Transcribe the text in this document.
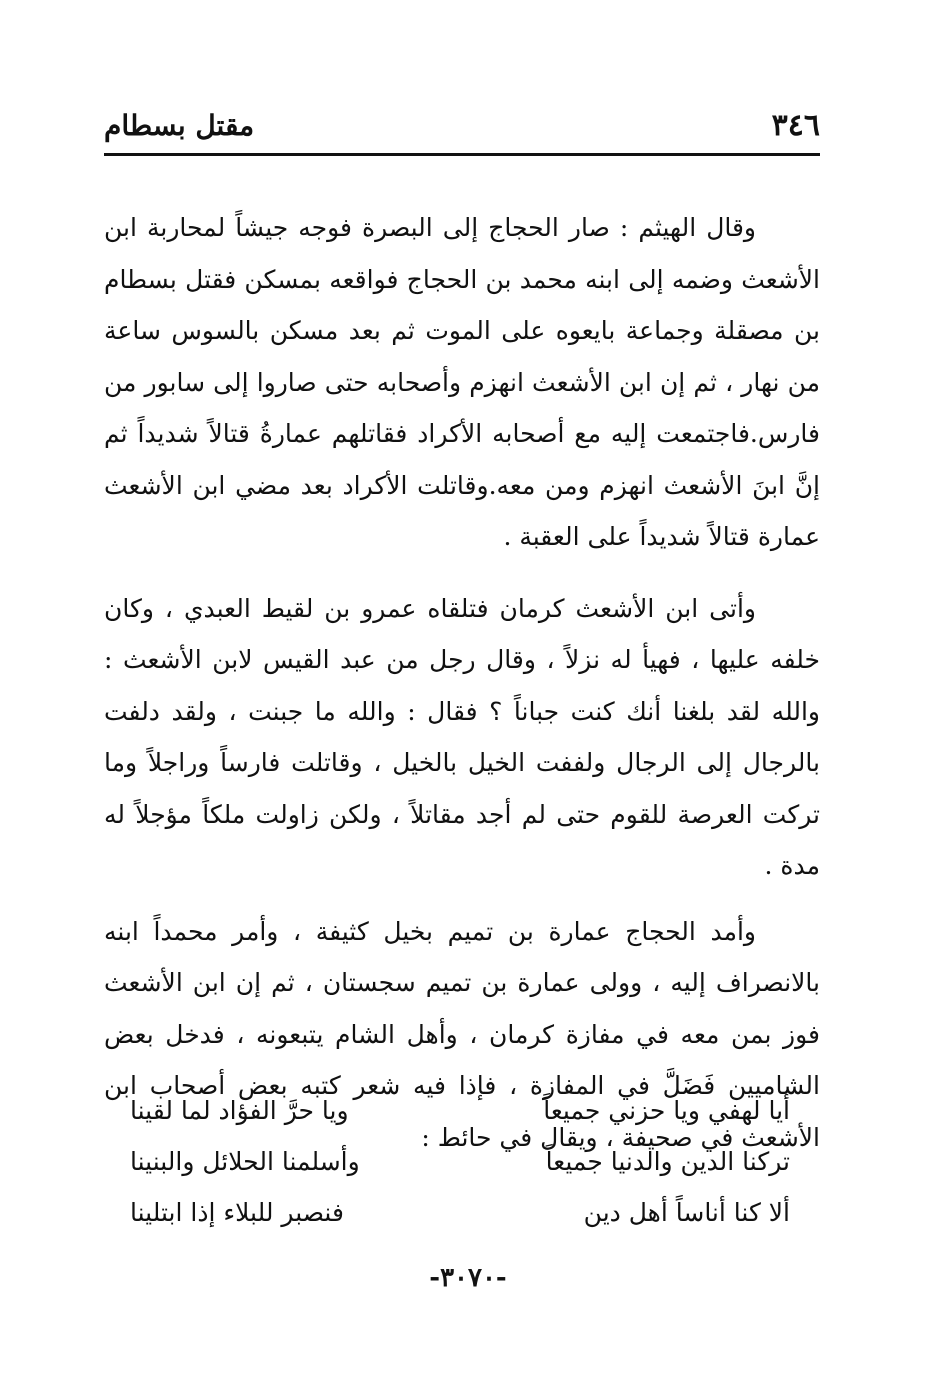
٣٤٦
مقتل بسطام

وقال الهيثم : صار الحجاج إلى البصرة فوجه جيشاً لمحاربة ابن الأشعث وضمه إلى ابنه محمد بن الحجاج فواقعه بمسكن فقتل بسطام بن مصقلة وجماعة بايعوه على الموت ثم بعد مسكن بالسوس ساعة من نهار ، ثم إن ابن الأشعث انهزم وأصحابه حتى صاروا إلى سابور من فارس.فاجتمعت إليه مع أصحابه الأكراد فقاتلهم عمارةُ قتالاً شديداً ثم إنَّ ابنَ الأشعث انهزم ومن معه.وقاتلت الأكراد بعد مضي ابن الأشعث عمارة قتالاً شديداً على العقبة .

وأتى ابن الأشعث كرمان فتلقاه عمرو بن لقيط العبدي ، وكان خلفه عليها ، فهيأ له نزلاً ، وقال رجل من عبد القيس لابن الأشعث : والله لقد بلغنا أنك كنت جباناً ؟ فقال : والله ما جبنت ، ولقد دلفت بالرجال إلى الرجال ولففت الخيل بالخيل ، وقاتلت فارساً وراجلاً وما تركت العرصة للقوم حتى لم أجد مقاتلاً ، ولكن زاولت ملكاً مؤجلاً له مدة .

وأمد الحجاج عمارة بن تميم بخيل كثيفة ، وأمر محمداً ابنه بالانصراف إليه ، وولى عمارة بن تميم سجستان ، ثم إن ابن الأشعث فوز بمن معه في مفازة كرمان ، وأهل الشام يتبعونه ، فدخل بعض الشاميين فَضَلَّ في المفازة ، فإذا فيه شعر كتبه بعض أصحاب ابن الأشعث في صحيفة ، ويقال في حائط :

أيا لهفي ويا حزني جميعاً
ويا حرَّ الفؤاد لما لقينا
تركنا الدين والدنيا جميعاً
وأسلمنا الحلائل والبنينا
ألا كنا أناساً أهل دين
فنصبر للبلاء إذا ابتلينا
-٣٠٧٠-
